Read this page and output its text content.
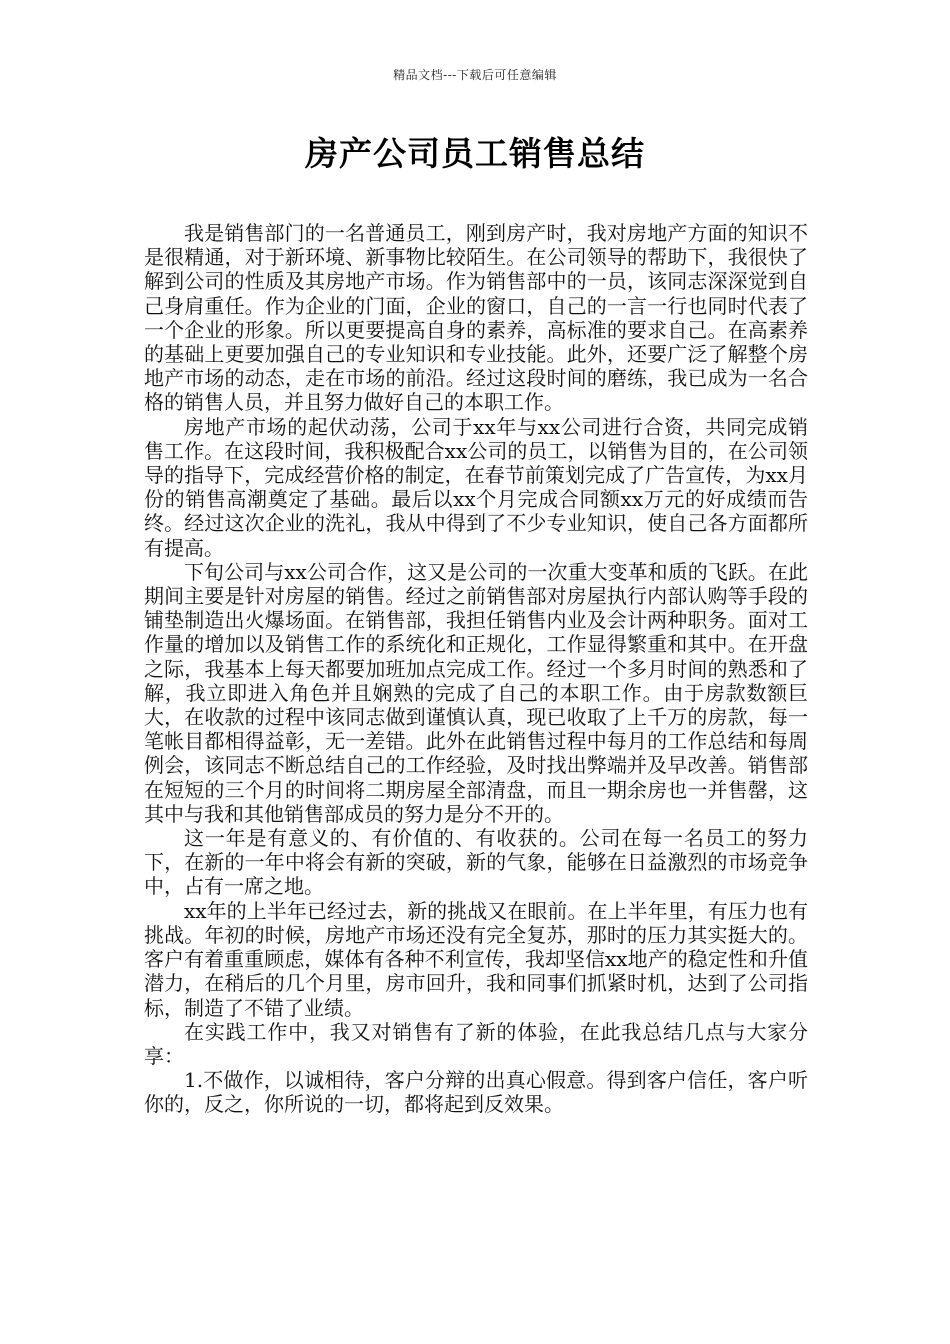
精品文档---下载后可任意编辑
房产公司员工销售总结

我是销售部门的一名普通员工，刚到房产时，我对房地产方面的知识不是很精通，对于新环境、新事物比较陌生。在公司领导的帮助下，我很快了解到公司的性质及其房地产市场。作为销售部中的一员，该同志深深觉到自己身肩重任。作为企业的门面，企业的窗口，自己的一言一行也同时代表了一个企业的形象。所以更要提高自身的素养，高标准的要求自己。在高素养的基础上更要加强自己的专业知识和专业技能。此外，还要广泛了解整个房地产市场的动态，走在市场的前沿。经过这段时间的磨练，我已成为一名合格的销售人员，并且努力做好自己的本职工作。

房地产市场的起伏动荡，公司于xx年与xx公司进行合资，共同完成销售工作。在这段时间，我积极配合xx公司的员工，以销售为目的，在公司领导的指导下，完成经营价格的制定，在春节前策划完成了广告宣传，为xx月份的销售高潮奠定了基础。最后以xx个月完成合同额xx万元的好成绩而告终。经过这次企业的洗礼，我从中得到了不少专业知识，使自己各方面都所有提高。

下旬公司与xx公司合作，这又是公司的一次重大变革和质的飞跃。在此期间主要是针对房屋的销售。经过之前销售部对房屋执行内部认购等手段的铺垫制造出火爆场面。在销售部，我担任销售内业及会计两种职务。面对工作量的增加以及销售工作的系统化和正规化，工作显得繁重和其中。在开盘之际，我基本上每天都要加班加点完成工作。经过一个多月时间的熟悉和了解，我立即进入角色并且娴熟的完成了自己的本职工作。由于房款数额巨大，在收款的过程中该同志做到谨慎认真，现已收取了上千万的房款，每一笔帐目都相得益彰，无一差错。此外在此销售过程中每月的工作总结和每周例会，该同志不断总结自己的工作经验，及时找出弊端并及早改善。销售部在短短的三个月的时间将二期房屋全部清盘，而且一期余房也一并售罄，这其中与我和其他销售部成员的努力是分不开的。

这一年是有意义的、有价值的、有收获的。公司在每一名员工的努力下，在新的一年中将会有新的突破，新的气象，能够在日益激烈的市场竞争中，占有一席之地。

xx年的上半年已经过去，新的挑战又在眼前。在上半年里，有压力也有挑战。年初的时候，房地产市场还没有完全复苏，那时的压力其实挺大的。客户有着重重顾虑，媒体有各种不利宣传，我却坚信xx地产的稳定性和升值潜力，在稍后的几个月里，房市回升，我和同事们抓紧时机，达到了公司指标，制造了不错了业绩。

在实践工作中，我又对销售有了新的体验，在此我总结几点与大家分享：

1.不做作，以诚相待，客户分辩的出真心假意。得到客户信任，客户听你的，反之，你所说的一切，都将起到反效果。
